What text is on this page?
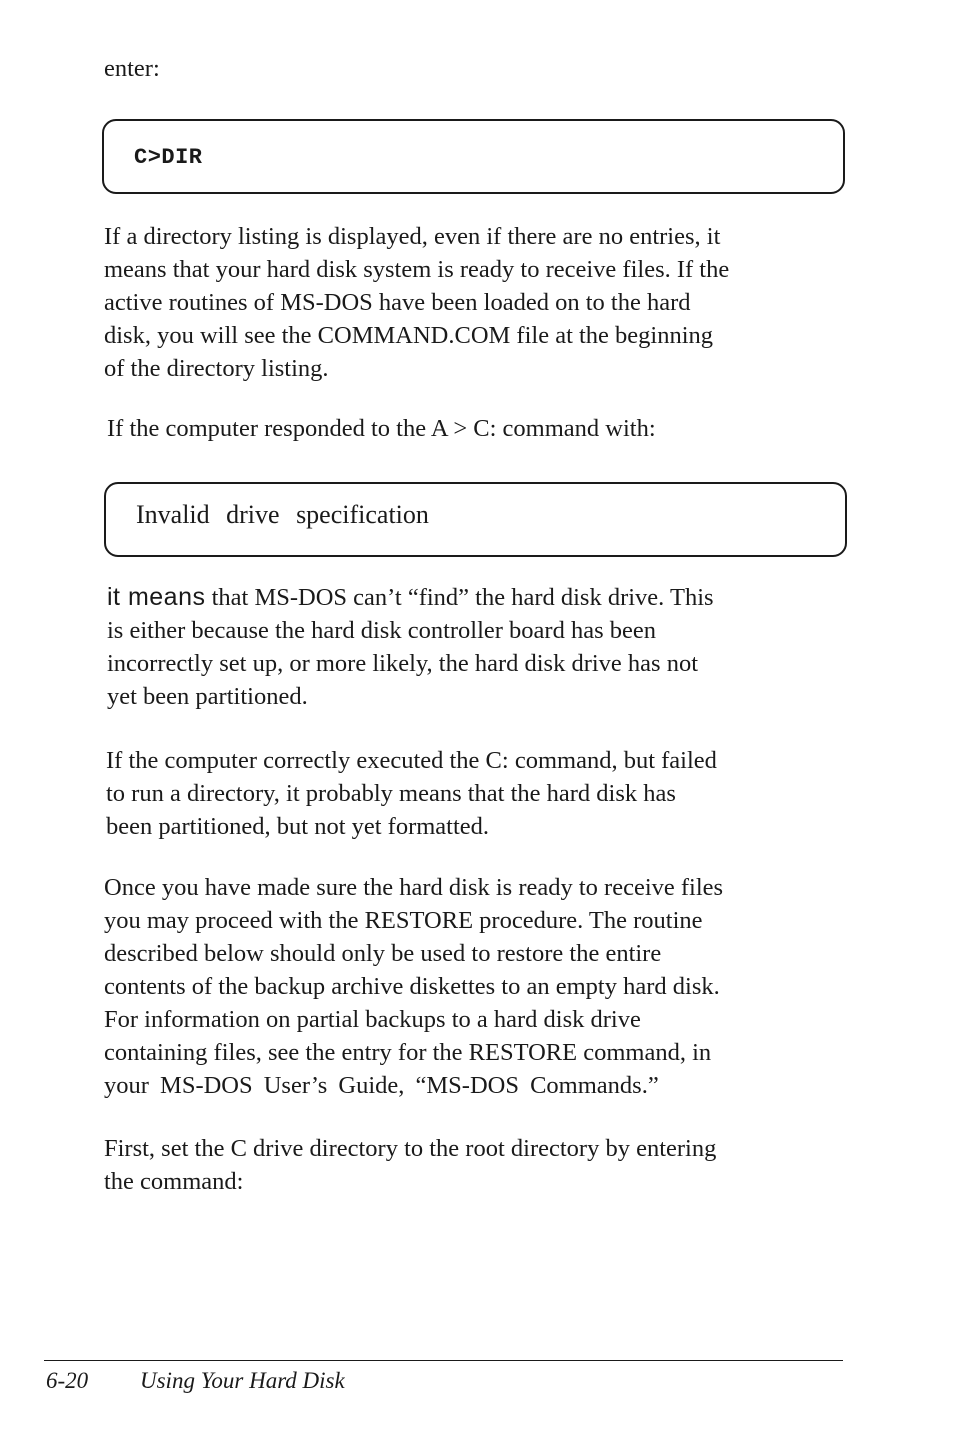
enter:

C>DIR
If a directory listing is displayed, even if there are no entries, it
means that your hard disk system is ready to receive files. If the
active routines of MS-DOS have been loaded on to the hard
disk, you will see the COMMAND.COM file at the beginning
of the directory listing.

If the computer responded to the A > C: command with:

Invalid drive specification
it means that MS-DOS can’t “find” the hard disk drive. This
is either because the hard disk controller board has been
incorrectly set up, or more likely, the hard disk drive has not
yet been partitioned.
If the computer correctly executed the C: command, but failed
to run a directory, it probably means that the hard disk has
been partitioned, but not yet formatted.
Once you have made sure the hard disk is ready to receive files
you may proceed with the RESTORE procedure. The routine
described below should only be used to restore the entire
contents of the backup archive diskettes to an empty hard disk.
For information on partial backups to a hard disk drive
containing files, see the entry for the RESTORE command, in
your MS-DOS User’s Guide, “MS-DOS Commands.”
First, set the C drive directory to the root directory by entering
the command:
6-20 Using Your Hard Disk
